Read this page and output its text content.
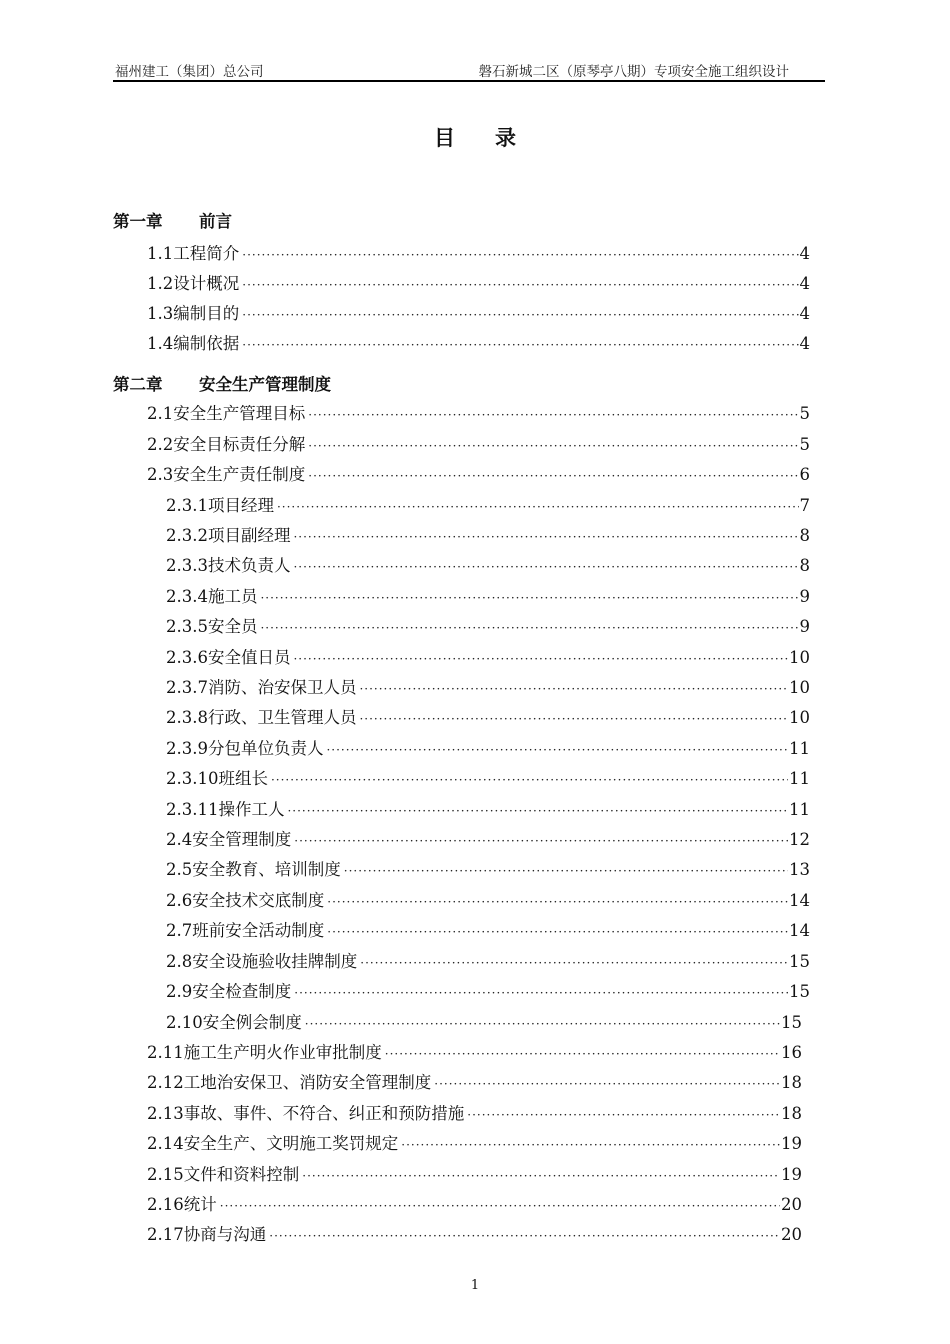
福州建工（集团）总公司	磐石新城二区（原琴亭八期）专项安全施工组织设计
目录
第一章 前言
1.1工程简介 ·····	4
1.2设计概况 ·····	4
1.3编制目的 ·····	4
1.4编制依据 ·····	4
第二章 安全生产管理制度
2.1安全生产管理目标 ·····	5
2.2安全目标责任分解 ·····	5
2.3安全生产责任制度 ·····	6
2.3.1项目经理 ·····	7
2.3.2项目副经理 ·····	8
2.3.3技术负责人 ·····	8
2.3.4施工员 ·····	9
2.3.5安全员 ·····	9
2.3.6安全值日员 ·····	10
2.3.7消防、治安保卫人员 ·····	10
2.3.8行政、卫生管理人员 ·····	10
2.3.9分包单位负责人 ·····	11
2.3.10班组长 ·····	11
2.3.11操作工人 ·····	11
2.4安全管理制度 ·····	12
2.5安全教育、培训制度 ·····	13
2.6安全技术交底制度 ·····	14
2.7班前安全活动制度 ·····	14
2.8安全设施验收挂牌制度 ·····	15
2.9安全检查制度 ·····	15
2.10安全例会制度 ·····	15
2.11施工生产明火作业审批制度 ·····	16
2.12工地治安保卫、消防安全管理制度 ·····	18
2.13事故、事件、不符合、纠正和预防措施 ·····	18
2.14安全生产、文明施工奖罚规定 ·····	19
2.15文件和资料控制 ·····	19
2.16统计 ·····	20
2.17协商与沟通 ·····	20
1
